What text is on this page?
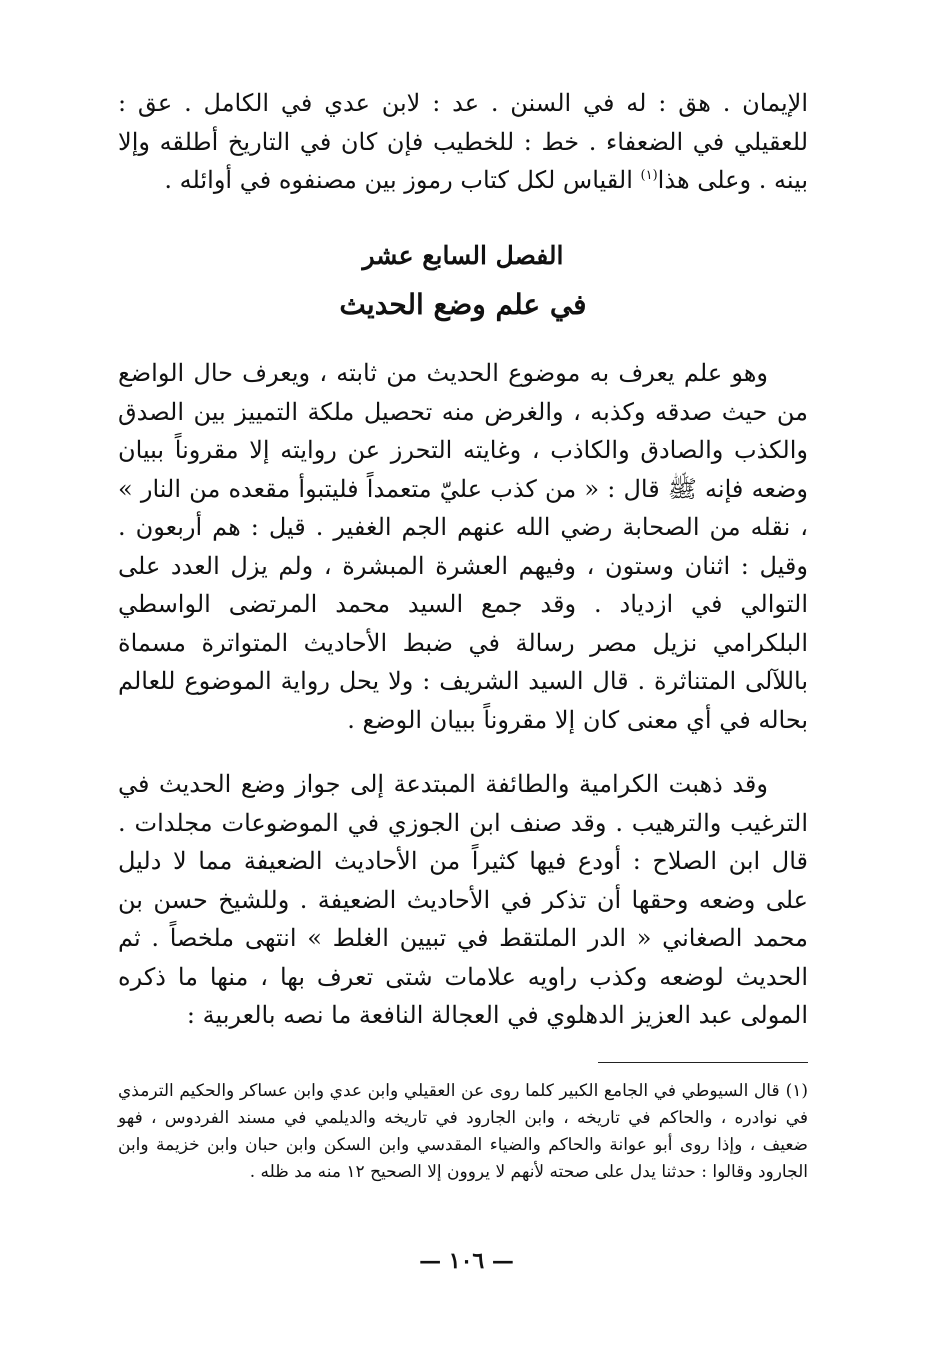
الإيمان . هق : له في السنن . عد : لابن عدي في الكامل . عق : للعقيلي في الضعفاء . خط : للخطيب فإن كان في التاريخ أطلقه وإلا بينه . وعلى هذا$^{(١)}$ القياس لكل كتاب رموز بين مصنفوه في أوائله .

الفصل السابع عشر
في علم وضع الحديث

وهو علم يعرف به موضوع الحديث من ثابته ، ويعرف حال الواضع من حيث صدقه وكذبه ، والغرض منه تحصيل ملكة التمييز بين الصدق والكذب والصادق والكاذب ، وغايته التحرز عن روايته إلا مقروناً ببيان وضعه فإنه ﷺ قال : « من كذب عليّ متعمداً فليتبوأ مقعده من النار » ، نقله من الصحابة رضي الله عنهم الجم الغفير . قيل : هم أربعون . وقيل : اثنان وستون ، وفيهم العشرة المبشرة ، ولم يزل العدد على التوالي في ازدياد . وقد جمع السيد محمد المرتضى الواسطي البلكرامي نزيل مصر رسالة في ضبط الأحاديث المتواترة مسماة باللآلى المتناثرة . قال السيد الشريف : ولا يحل رواية الموضوع للعالم بحاله في أي معنى كان إلا مقروناً ببيان الوضع .

وقد ذهبت الكرامية والطائفة المبتدعة إلى جواز وضع الحديث في الترغيب والترهيب . وقد صنف ابن الجوزي في الموضوعات مجلدات . قال ابن الصلاح : أودع فيها كثيراً من الأحاديث الضعيفة مما لا دليل على وضعه وحقها أن تذكر في الأحاديث الضعيفة . وللشيخ حسن بن محمد الصغاني « الدر الملتقط في تبيين الغلط » انتهى ملخصاً . ثم الحديث لوضعه وكذب راويه علامات شتى تعرف بها ، منها ما ذكره المولى عبد العزيز الدهلوي في العجالة النافعة ما نصه بالعربية :

(١)قال السيوطي في الجامع الكبير كلما روى عن العقيلي وابن عدي وابن عساكر والحكيم الترمذي في نوادره ، والحاكم في تاريخه ، وابن الجارود في تاريخه والديلمي في مسند الفردوس ، فهو ضعيف ، وإذا روى أبو عوانة والحاكم والضياء المقدسي وابن السكن وابن حبان وابن خزيمة وابن الجارود وقالوا : حدثنا يدل على صحته لأنهم لا يروون إلا الصحيح ١٢ منه مد ظله .

— ١٠٦ —
